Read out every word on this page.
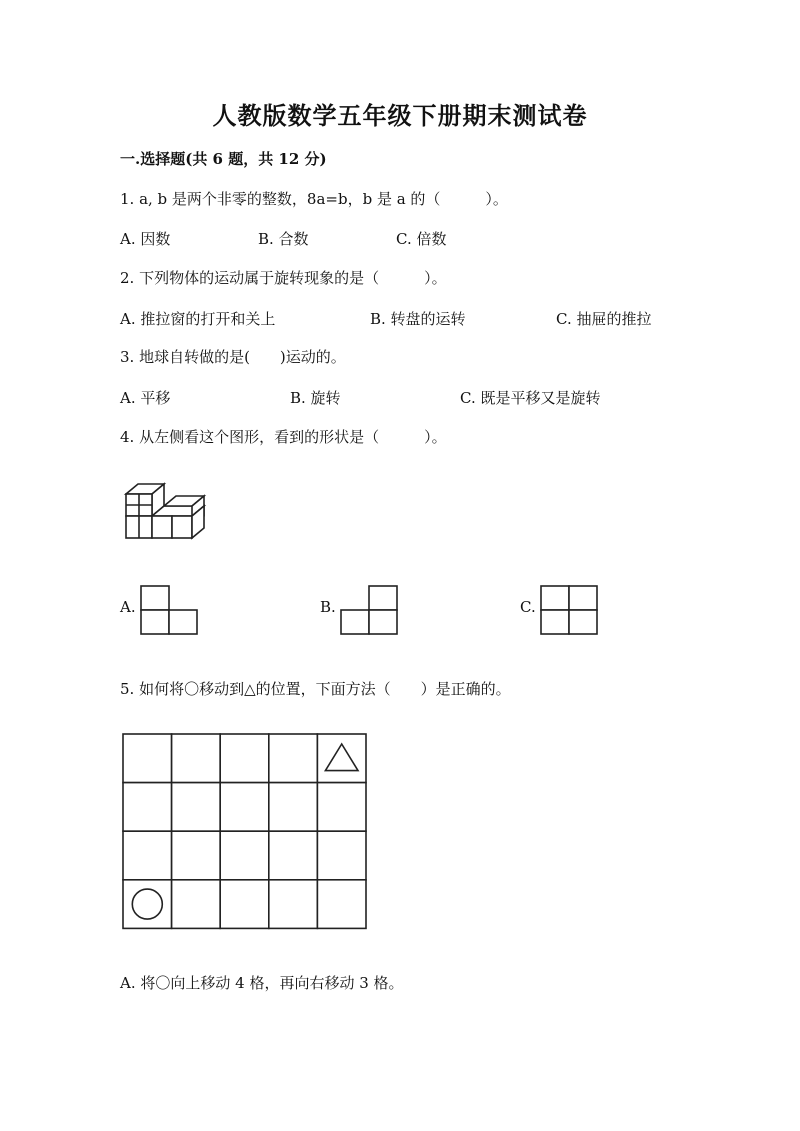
人教版数学五年级下册期末测试卷
一.选择题(共 6 题，共 12 分)
1. a, b 是两个非零的整数，8a=b，b 是 a 的（　　　）。
A. 因数	B. 合数	C. 倍数
2. 下列物体的运动属于旋转现象的是（　　　）。
A. 推拉窗的打开和关上	B. 转盘的运转	C. 抽屉的推拉
3. 地球自转做的是(　　)运动的。
A. 平移	B. 旋转	C. 既是平移又是旋转
4. 从左侧看这个图形，看到的形状是（　　　）。
A.	B.	C.
5. 如何将〇移动到△的位置，下面方法（　　）是正确的。
A. 将〇向上移动 4 格，再向右移动 3 格。
